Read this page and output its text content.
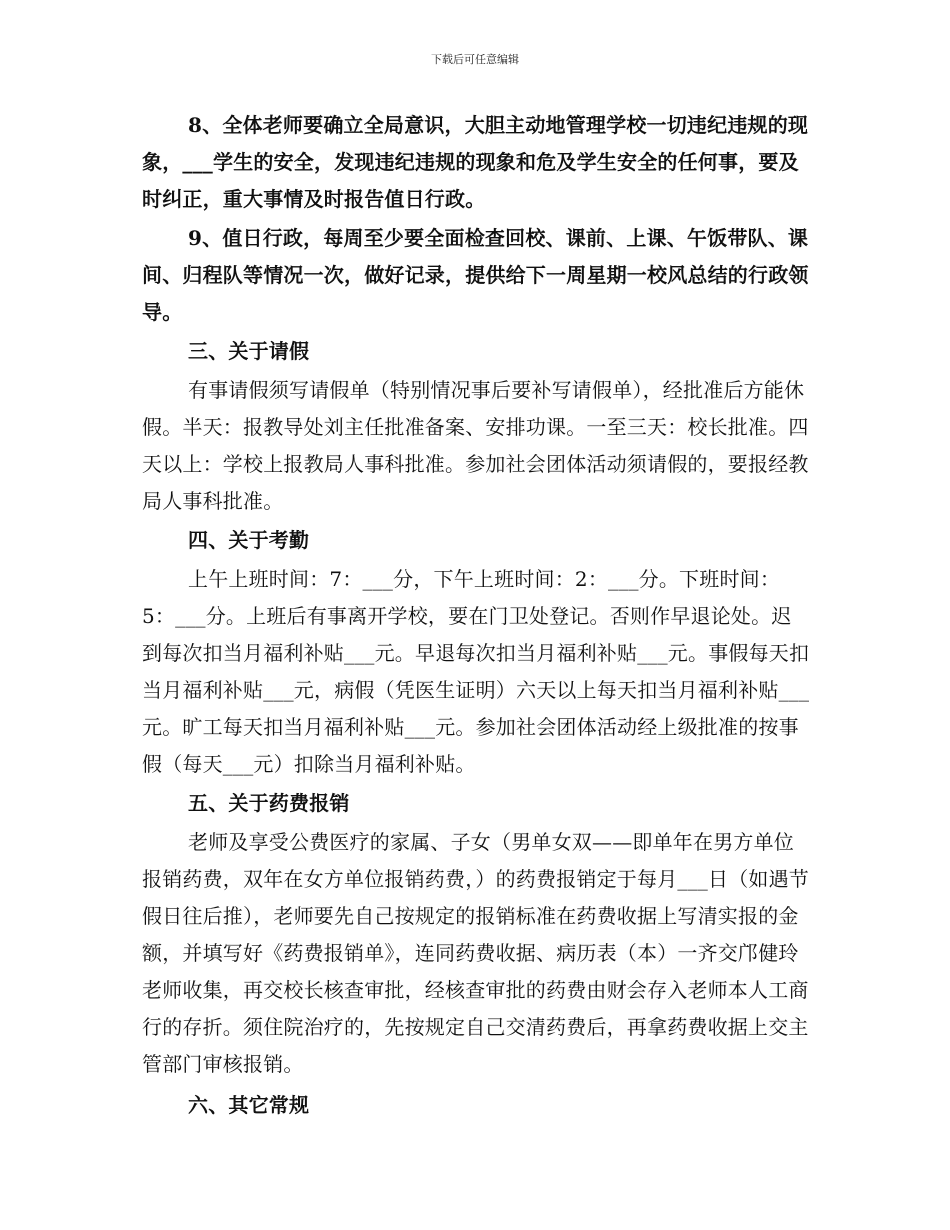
下载后可任意编辑

8、全体老师要确立全局意识，大胆主动地管理学校一切违纪违规的现象，___学生的安全，发现违纪违规的现象和危及学生安全的任何事，要及时纠正，重大事情及时报告值日行政。

9、值日行政，每周至少要全面检查回校、课前、上课、午饭带队、课间、归程队等情况一次，做好记录，提供给下一周星期一校风总结的行政领导。

三、关于请假

有事请假须写请假单（特别情况事后要补写请假单），经批准后方能休假。半天：报教导处刘主任批准备案、安排功课。一至三天：校长批准。四天以上：学校上报教局人事科批准。参加社会团体活动须请假的，要报经教局人事科批准。

四、关于考勤

上午上班时间：7：___分，下午上班时间：2：___分。下班时间：5：___分。上班后有事离开学校，要在门卫处登记。否则作早退论处。迟到每次扣当月福利补贴___元。早退每次扣当月福利补贴___元。事假每天扣当月福利补贴___元，病假（凭医生证明）六天以上每天扣当月福利补贴___元。旷工每天扣当月福利补贴___元。参加社会团体活动经上级批准的按事假（每天___元）扣除当月福利补贴。

五、关于药费报销

老师及享受公费医疗的家属、子女（男单女双——即单年在男方单位报销药费，双年在女方单位报销药费，）的药费报销定于每月___日（如遇节假日往后推），老师要先自己按规定的报销标准在药费收据上写清实报的金额，并填写好《药费报销单》，连同药费收据、病历表（本）一齐交邝健玲老师收集，再交校长核查审批，经核查审批的药费由财会存入老师本人工商行的存折。须住院治疗的，先按规定自己交清药费后，再拿药费收据上交主管部门审核报销。

六、其它常规
